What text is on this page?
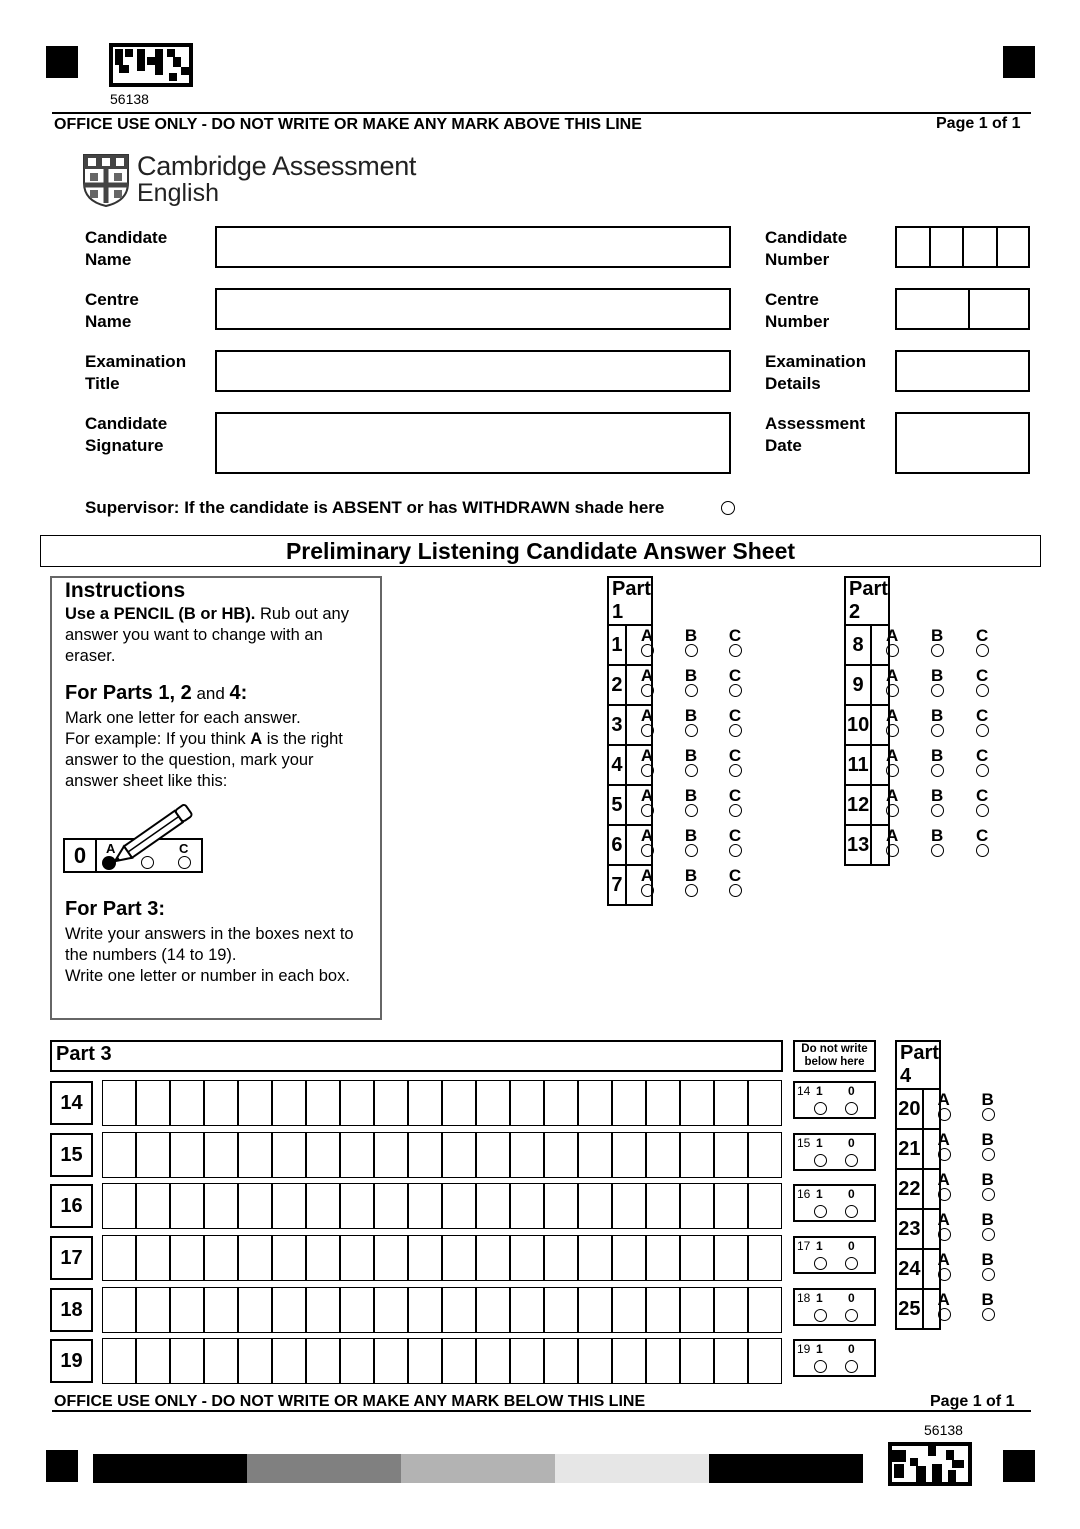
56138
OFFICE USE ONLY - DO NOT WRITE OR MAKE ANY MARK ABOVE THIS LINE	Page 1 of 1
Cambridge Assessment
English
Candidate
Name
Centre
Name
Examination
Title
Candidate
Signature
Candidate
Number
Centre
Number
Examination
Details
Assessment
Date
Supervisor: If the candidate is ABSENT or has WITHDRAWN shade here
Preliminary Listening Candidate Answer Sheet
Instructions
Use a PENCIL (B or HB). Rub out any answer you want to change with an eraser.
For Parts 1, 2 and 4:
Mark one letter for each answer.
For example: If you think A is the right answer to the question, mark your answer sheet like this:
0	A	C
For Part 3:
Write your answers in the boxes next to the numbers (14 to 19).
Write one letter or number in each box.
Part 1	
1	A B C

2	A B C

3	A B C

4	A B C

5	A B C

6	A B C

7	A B C
Part 2	
8	A B C

9	A B C

10	A B C

11	A B C

12	A B C

13	A B C
Part 3	Do not write
below here
14
14 1 0
15
15 1 0
16
16 1 0
17
17 1 0
18
18 1 0
19
19 1 0
Part 4	
20	A B

21	A B

22	A B

23	A B

24	A B

25	A B
OFFICE USE ONLY - DO NOT WRITE OR MAKE ANY MARK BELOW THIS LINE	Page 1 of 1
56138
